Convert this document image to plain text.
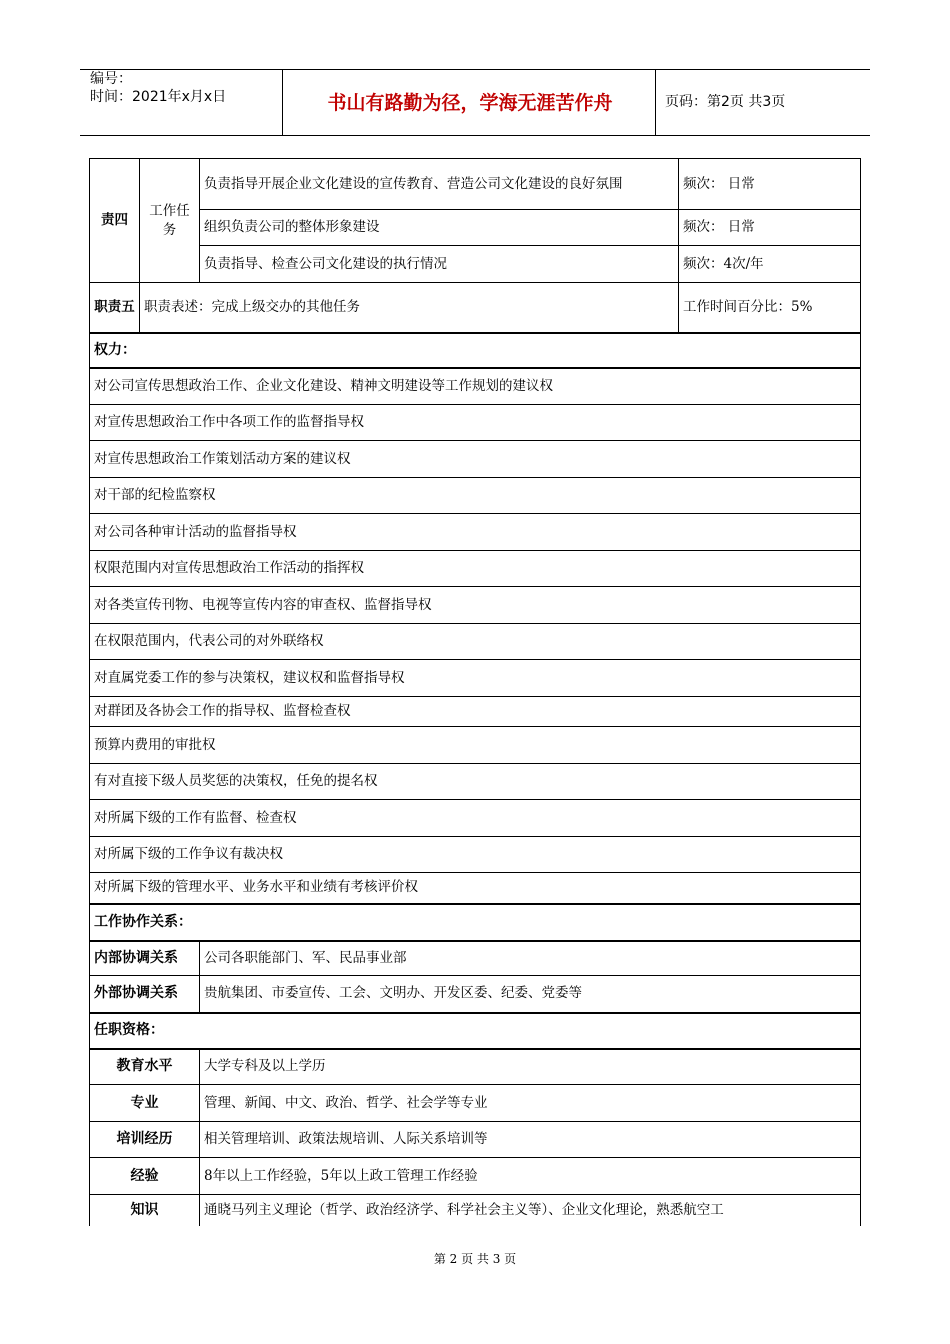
编号：
时间：2021年x月x日	书山有路勤为径，学海无涯苦作舟	页码：第2页 共3页
责四	工作任务	负责指导开展企业文化建设的宣传教育、营造公司文化建设的良好氛围	频次： 日常
		组织负责公司的整体形象建设	频次： 日常
		负责指导、检查公司文化建设的执行情况	频次：4次/年
职责五	职责表述：完成上级交办的其他任务		工作时间百分比：5%
权力：			
对公司宣传思想政治工作、企业文化建设、精神文明建设等工作规划的建议权			
对宣传思想政治工作中各项工作的监督指导权			
对宣传思想政治工作策划活动方案的建议权			
对干部的纪检监察权			
对公司各种审计活动的监督指导权			
权限范围内对宣传思想政治工作活动的指挥权			
对各类宣传刊物、电视等宣传内容的审查权、监督指导权			
在权限范围内，代表公司的对外联络权			
对直属党委工作的参与决策权，建议权和监督指导权			
对群团及各协会工作的指导权、监督检查权			
预算内费用的审批权			
有对直接下级人员奖惩的决策权，任免的提名权			
对所属下级的工作有监督、检查权			
对所属下级的工作争议有裁决权			
对所属下级的管理水平、业务水平和业绩有考核评价权			
工作协作关系：			
内部协调关系		公司各职能部门、军、民品事业部	
外部协调关系		贵航集团、市委宣传、工会、文明办、开发区委、纪委、党委等	
任职资格：			
教育水平		大学专科及以上学历	
专业		管理、新闻、中文、政治、哲学、社会学等专业	
培训经历		相关管理培训、政策法规培训、人际关系培训等	
经验		8年以上工作经验，5年以上政工管理工作经验	
知识		通晓马列主义理论（哲学、政治经济学、科学社会主义等）、企业文化理论，熟悉航空工	
第 2 页 共 3 页
